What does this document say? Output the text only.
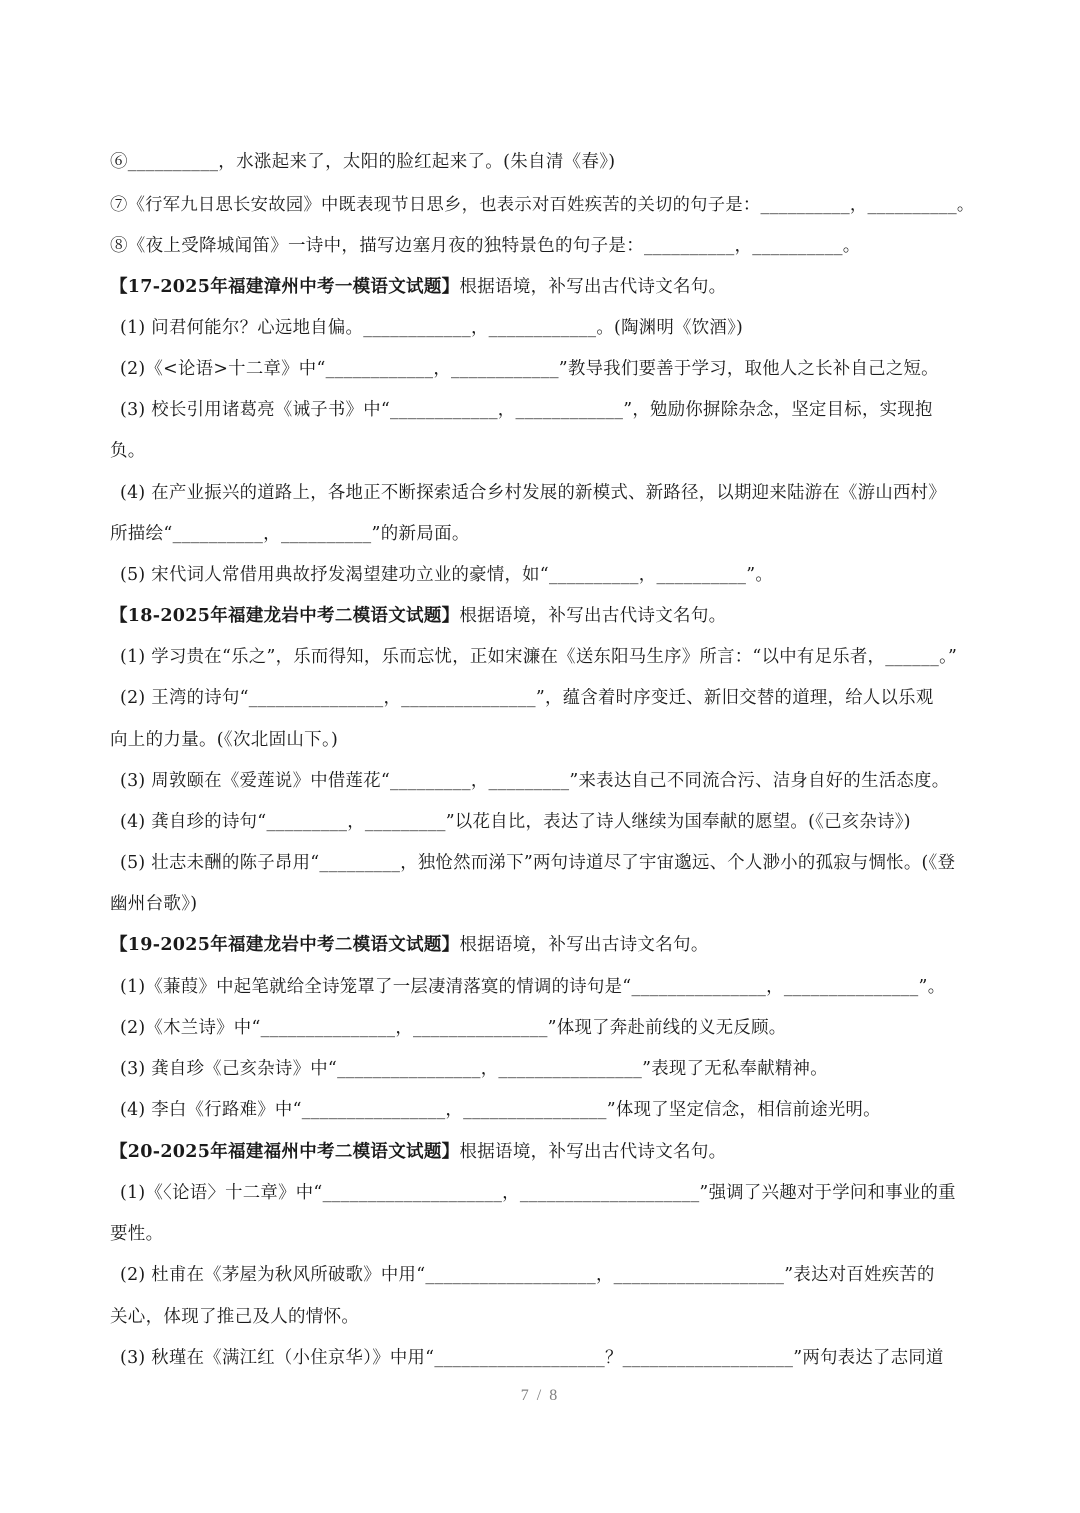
⑥__________，水涨起来了，太阳的脸红起来了。(朱自清《春》)
⑦《行军九日思长安故园》中既表现节日思乡，也表示对百姓疾苦的关切的句子是：__________，__________。
⑧《夜上受降城闻笛》一诗中，描写边塞月夜的独特景色的句子是：__________，__________。
【17-2025年福建漳州中考一模语文试题】根据语境，补写出古代诗文名句。
(1) 问君何能尔？心远地自偏。____________，____________。(陶渊明《饮酒》)
(2)《<论语>十二章》中“____________，____________”教导我们要善于学习，取他人之长补自己之短。
(3) 校长引用诸葛亮《诫子书》中“____________，____________”，勉励你摒除杂念，坚定目标，实现抱
负。
(4) 在产业振兴的道路上，各地正不断探索适合乡村发展的新模式、新路径，以期迎来陆游在《游山西村》
所描绘“__________，__________”的新局面。
(5) 宋代词人常借用典故抒发渴望建功立业的豪情，如“__________，__________”。
【18-2025年福建龙岩中考二模语文试题】根据语境，补写出古代诗文名句。
(1) 学习贵在“乐之”，乐而得知，乐而忘忧，正如宋濂在《送东阳马生序》所言：“以中有足乐者，______。”
(2) 王湾的诗句“_______________，_______________”，蕴含着时序变迁、新旧交替的道理，给人以乐观
向上的力量。(《次北固山下。)
(3) 周敦颐在《爱莲说》中借莲花“_________，_________”来表达自己不同流合污、洁身自好的生活态度。
(4) 龚自珍的诗句“_________，_________”以花自比，表达了诗人继续为国奉献的愿望。(《己亥杂诗》)
(5) 壮志未酬的陈子昂用“_________，独怆然而涕下”两句诗道尽了宇宙邈远、个人渺小的孤寂与惆怅。(《登
幽州台歌》)
【19-2025年福建龙岩中考二模语文试题】根据语境，补写出古诗文名句。
(1)《蒹葭》中起笔就给全诗笼罩了一层凄清落寞的情调的诗句是“_______________，_______________”。
(2)《木兰诗》中“_______________，_______________”体现了奔赴前线的义无反顾。
(3) 龚自珍《己亥杂诗》中“________________，________________”表现了无私奉献精神。
(4) 李白《行路难》中“________________，________________”体现了坚定信念，相信前途光明。
【20-2025年福建福州中考二模语文试题】根据语境，补写出古代诗文名句。
(1)《〈论语〉十二章》中“____________________，____________________”强调了兴趣对于学问和事业的重
要性。
(2) 杜甫在《茅屋为秋风所破歌》中用“___________________，___________________”表达对百姓疾苦的
关心，体现了推己及人的情怀。
(3) 秋瑾在《满江红（小住京华）》中用“___________________？___________________”两句表达了志同道
7 / 8
